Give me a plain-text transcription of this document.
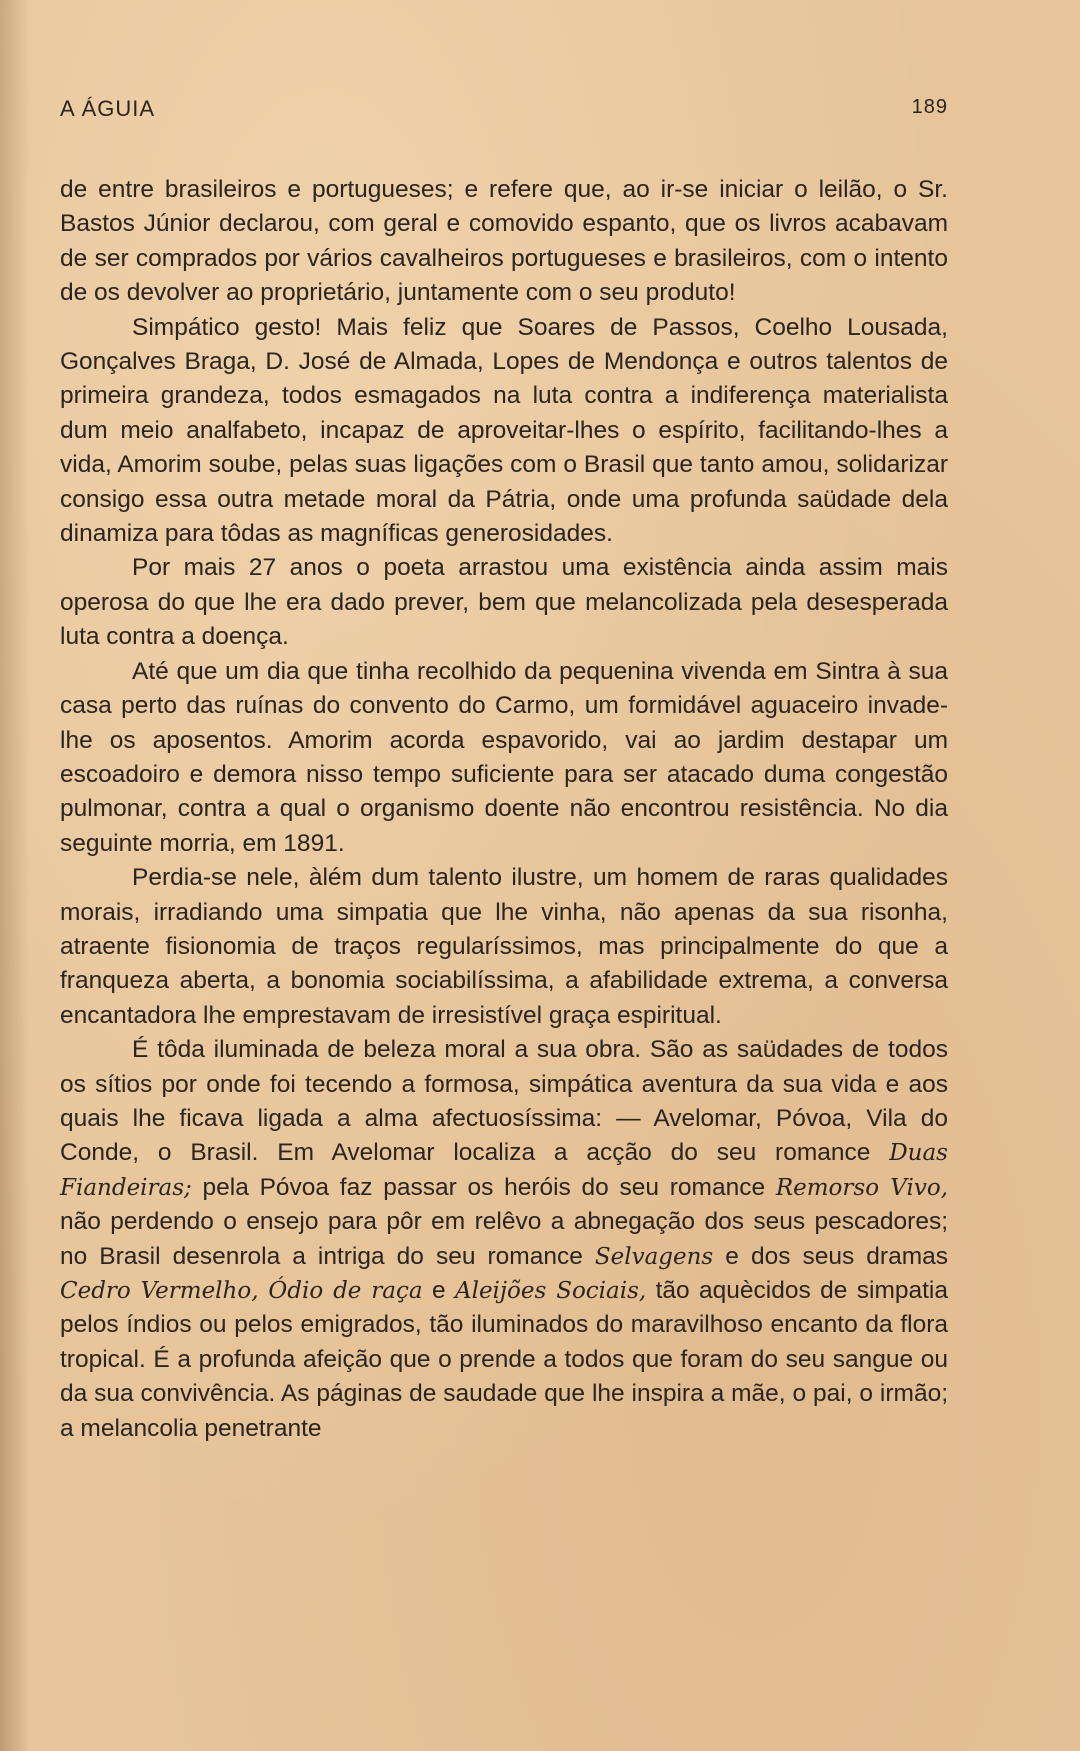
A ÁGUIA	189

de entre brasileiros e portugueses; e refere que, ao ir-se iniciar o leilão, o Sr. Bastos Júnior declarou, com geral e comovido espanto, que os livros acabavam de ser comprados por vários cavalheiros portugueses e brasileiros, com o intento de os devolver ao proprietário, juntamente com o seu produto!

Simpático gesto! Mais feliz que Soares de Passos, Coelho Lousada, Gonçalves Braga, D. José de Almada, Lopes de Mendonça e outros talentos de primeira grandeza, todos esmagados na luta contra a indiferença materialista dum meio analfabeto, incapaz de aproveitar-lhes o espírito, facilitando-lhes a vida, Amorim soube, pelas suas ligações com o Brasil que tanto amou, solidarizar consigo essa outra metade moral da Pátria, onde uma profunda saüdade dela dinamiza para tôdas as magníficas generosidades.

Por mais 27 anos o poeta arrastou uma existência ainda assim mais operosa do que lhe era dado prever, bem que melancolizada pela desesperada luta contra a doença.

Até que um dia que tinha recolhido da pequenina vivenda em Sintra à sua casa perto das ruínas do convento do Carmo, um formidável aguaceiro invade-lhe os aposentos. Amorim acorda espavorido, vai ao jardim destapar um escoadoiro e demora nisso tempo suficiente para ser atacado duma congestão pulmonar, contra a qual o organismo doente não encontrou resistência. No dia seguinte morria, em 1891.

Perdia-se nele, àlém dum talento ilustre, um homem de raras qualidades morais, irradiando uma simpatia que lhe vinha, não apenas da sua risonha, atraente fisionomia de traços regularíssimos, mas principalmente do que a franqueza aberta, a bonomia sociabilíssima, a afabilidade extrema, a conversa encantadora lhe emprestavam de irresistível graça espiritual.

É tôda iluminada de beleza moral a sua obra. São as saüdades de todos os sítios por onde foi tecendo a formosa, simpática aventura da sua vida e aos quais lhe ficava ligada a alma afectuosíssima: — Avelomar, Póvoa, Vila do Conde, o Brasil. Em Avelomar localiza a acção do seu romance Duas Fiandeiras; pela Póvoa faz passar os heróis do seu romance Remorso Vivo, não perdendo o ensejo para pôr em relêvo a abnegação dos seus pescadores; no Brasil desenrola a intriga do seu romance Selvagens e dos seus dramas Cedro Vermelho, Ódio de raça e Aleijões Sociais, tão aquècidos de simpatia pelos índios ou pelos emigrados, tão iluminados do maravilhoso encanto da flora tropical. É a profunda afeição que o prende a todos que foram do seu sangue ou da sua convivência. As páginas de saudade que lhe inspira a mãe, o pai, o irmão; a melancolia penetrante
